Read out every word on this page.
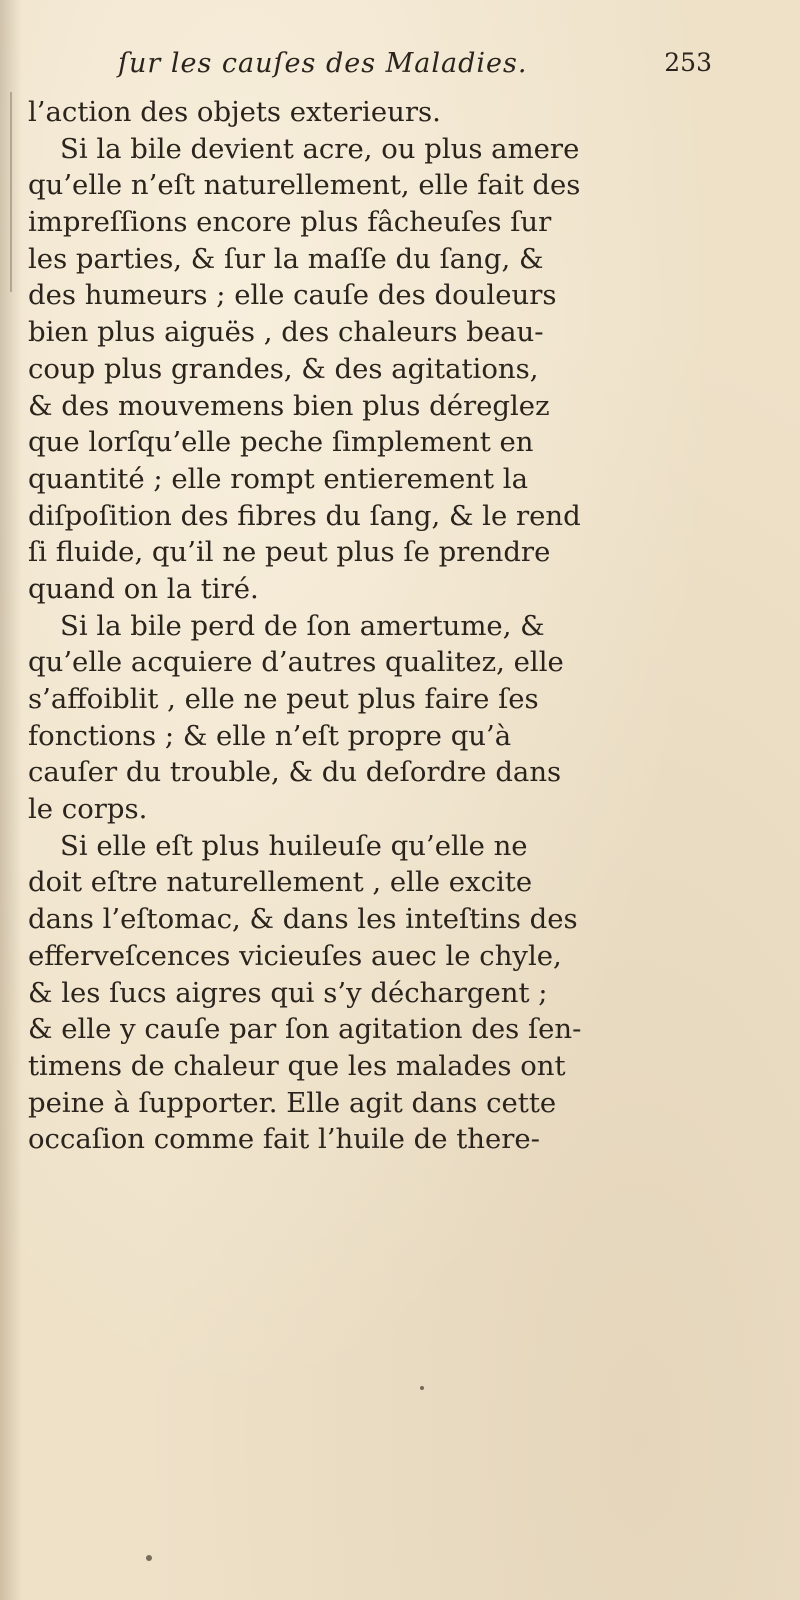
ſur les cauſes des Maladies.	253
l’action des objets exterieurs.
Si la bile devient acre, ou plus amere
qu’elle n’eſt naturellement, elle fait des
impreſſions encore plus fâcheuſes ſur
les parties, & ſur la maſſe du ſang, &
des humeurs ; elle cauſe des douleurs
bien plus aiguës , des chaleurs beau-
coup plus grandes, & des agitations,
& des mouvemens bien plus déreglez
que lorſqu’elle peche ſimplement en
quantité ; elle rompt entierement la
diſpoſition des fibres du ſang, & le rend
ſi fluide, qu’il ne peut plus ſe prendre
quand on la tiré.
Si la bile perd de ſon amertume, &
qu’elle acquiere d’autres qualitez, elle
s’affoiblit , elle ne peut plus faire ſes
fonctions ; & elle n’eſt propre qu’à
cauſer du trouble, & du deſordre dans
le corps.
Si elle eſt plus huileuſe qu’elle ne
doit eſtre naturellement , elle excite
dans l’eſtomac, & dans les inteſtins des
efferveſcences vicieuſes auec le chyle,
& les ſucs aigres qui s’y déchargent ;
& elle y cauſe par ſon agitation des ſen-
timens de chaleur que les malades ont
peine à ſupporter. Elle agit dans cette
occaſion comme fait l’huile de there-
